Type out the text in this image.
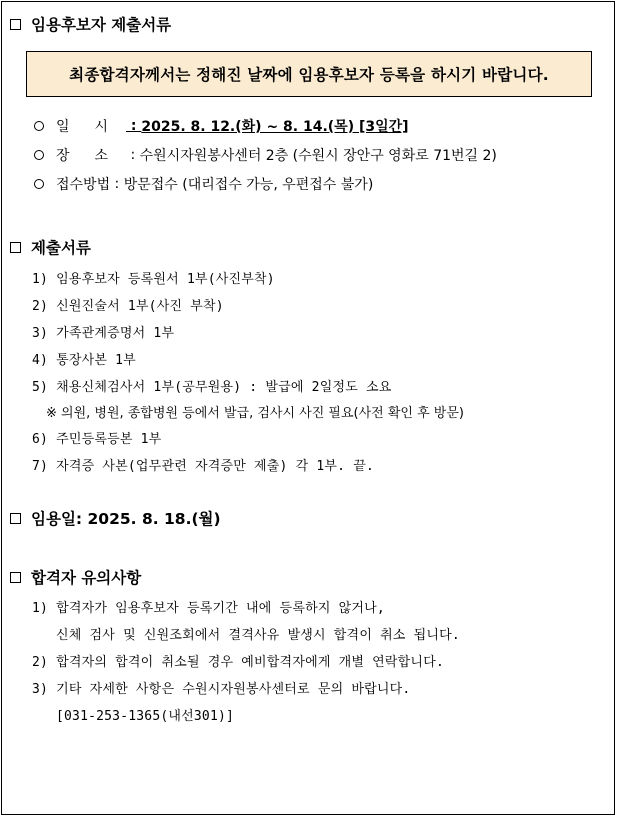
임용후보자 제출서류
최종합격자께서는 정해진 날짜에 임용후보자 등록을 하시기 바랍니다.
일 시 : 2025. 8. 12.(화) ~ 8. 14.(목) [3일간]
장 소 : 수원시자원봉사센터 2층 (수원시 장안구 영화로 71번길 2)
접수방법 : 방문접수 (대리접수 가능, 우편접수 불가)
제출서류
1) 임용후보자 등록원서 1부(사진부착)
2) 신원진술서 1부(사진 부착)
3) 가족관계증명서 1부
4) 통장사본 1부
5) 채용신체검사서 1부(공무원용) : 발급에 2일정도 소요
※ 의원, 병원, 종합병원 등에서 발급, 검사시 사진 필요(사전 확인 후 방문)
6) 주민등록등본 1부
7) 자격증 사본(업무관련 자격증만 제출) 각 1부. 끝.
임용일: 2025. 8. 18.(월)
합격자 유의사항
1) 합격자가 임용후보자 등록기간 내에 등록하지 않거나,
신체 검사 및 신원조회에서 결격사유 발생시 합격이 취소 됩니다.
2) 합격자의 합격이 취소될 경우 예비합격자에게 개별 연락합니다.
3) 기타 자세한 사항은 수원시자원봉사센터로 문의 바랍니다.
[031-253-1365(내선301)]
